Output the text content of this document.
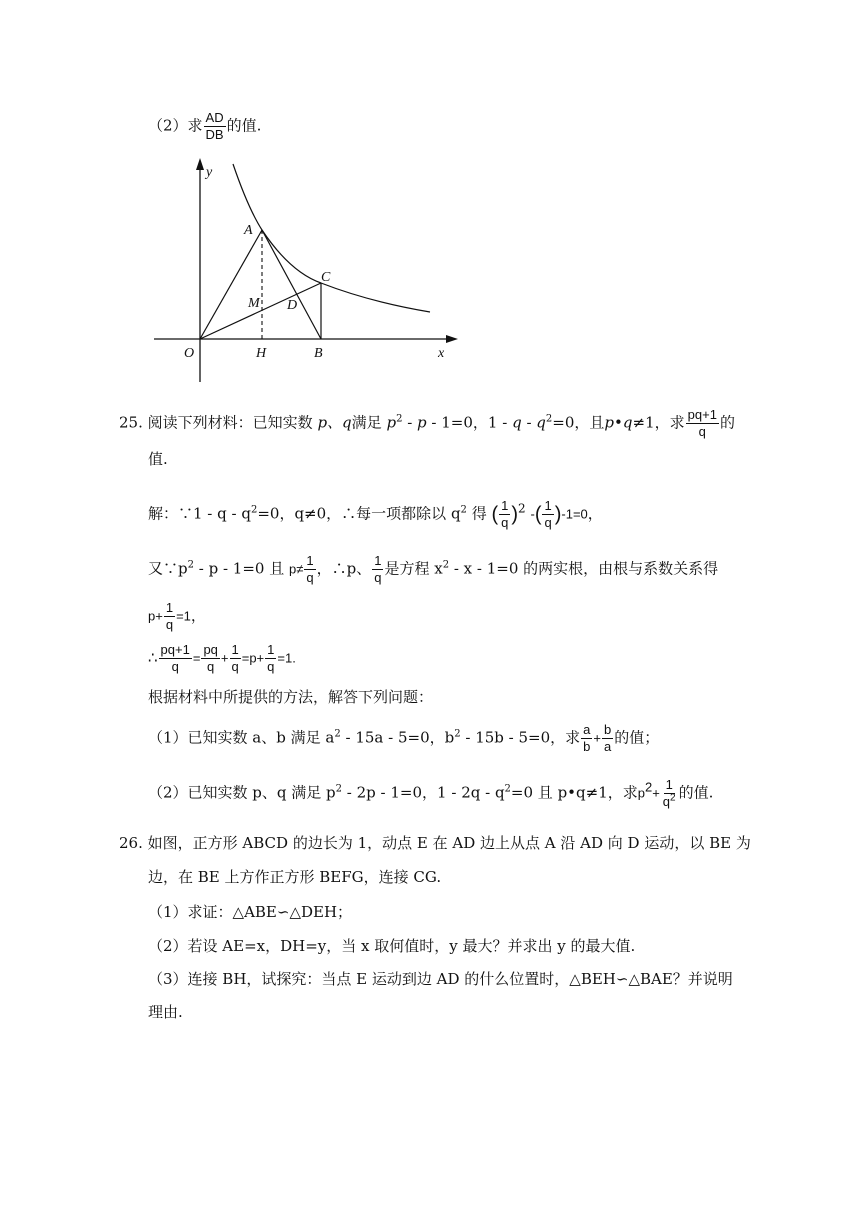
（2）求 $\frac{AD}{DB}$ 的值.
y
x
O	H	B
A
C
M D
25. 阅读下列材料：已知实数 p、q满足 $p^2 - p - 1=0$，$1 - q - q^2=0$，且p•q≠1，求 $\frac{pq+1}{q}$ 的
值.
解：∵1 - $q - q^2=0$，q≠0，∴每一项都除以 $q^2$ 得 ( $\frac{1}{q} )^2$ -( $\frac{1}{q} )-1=0$，
又$\because p^2 - p - 1=0$ 且 $p\ne \frac{1}{q}$ ，∴p、 $\frac{1}{q}$ 是方程 $x^2 - x - 1=0$ 的两实根，由根与系数关系得
$p+ \frac{1}{q} =1$，
∴ $\frac{pq+1}{q} = \frac{pq}{q} + \frac{1}{q} =p+ \frac{1}{q} =1$.
根据材料中所提供的方法，解答下列问题：
（1）已知实数 a、b 满足 $a^2 - 15a - 5=0$，$b^2 - 15b - 5=0$，求 $\frac{a}{b} + \frac{b}{a}$ 的值；
（2）已知实数 p、q 满足 $p^2 - 2p - 1=0$，$1 - 2q - q^2=0$ 且 p•q≠1，求$p^2+ \frac{1}{q^2}$ 的值.
26. 如图，正方形 ABCD 的边长为 1，动点 E 在 AD 边上从点 A 沿 AD 向 D 运动，以 BE 为
边，在 BE 上方作正方形 BEFG，连接 CG.
（1）求证：△ABE∽△DEH；
（2）若设 AE=x，DH=y，当 x 取何值时，y 最大？并求出 y 的最大值.
（3）连接 BH，试探究：当点 E 运动到边 AD 的什么位置时，△BEH∽△BAE？并说明
理由.
